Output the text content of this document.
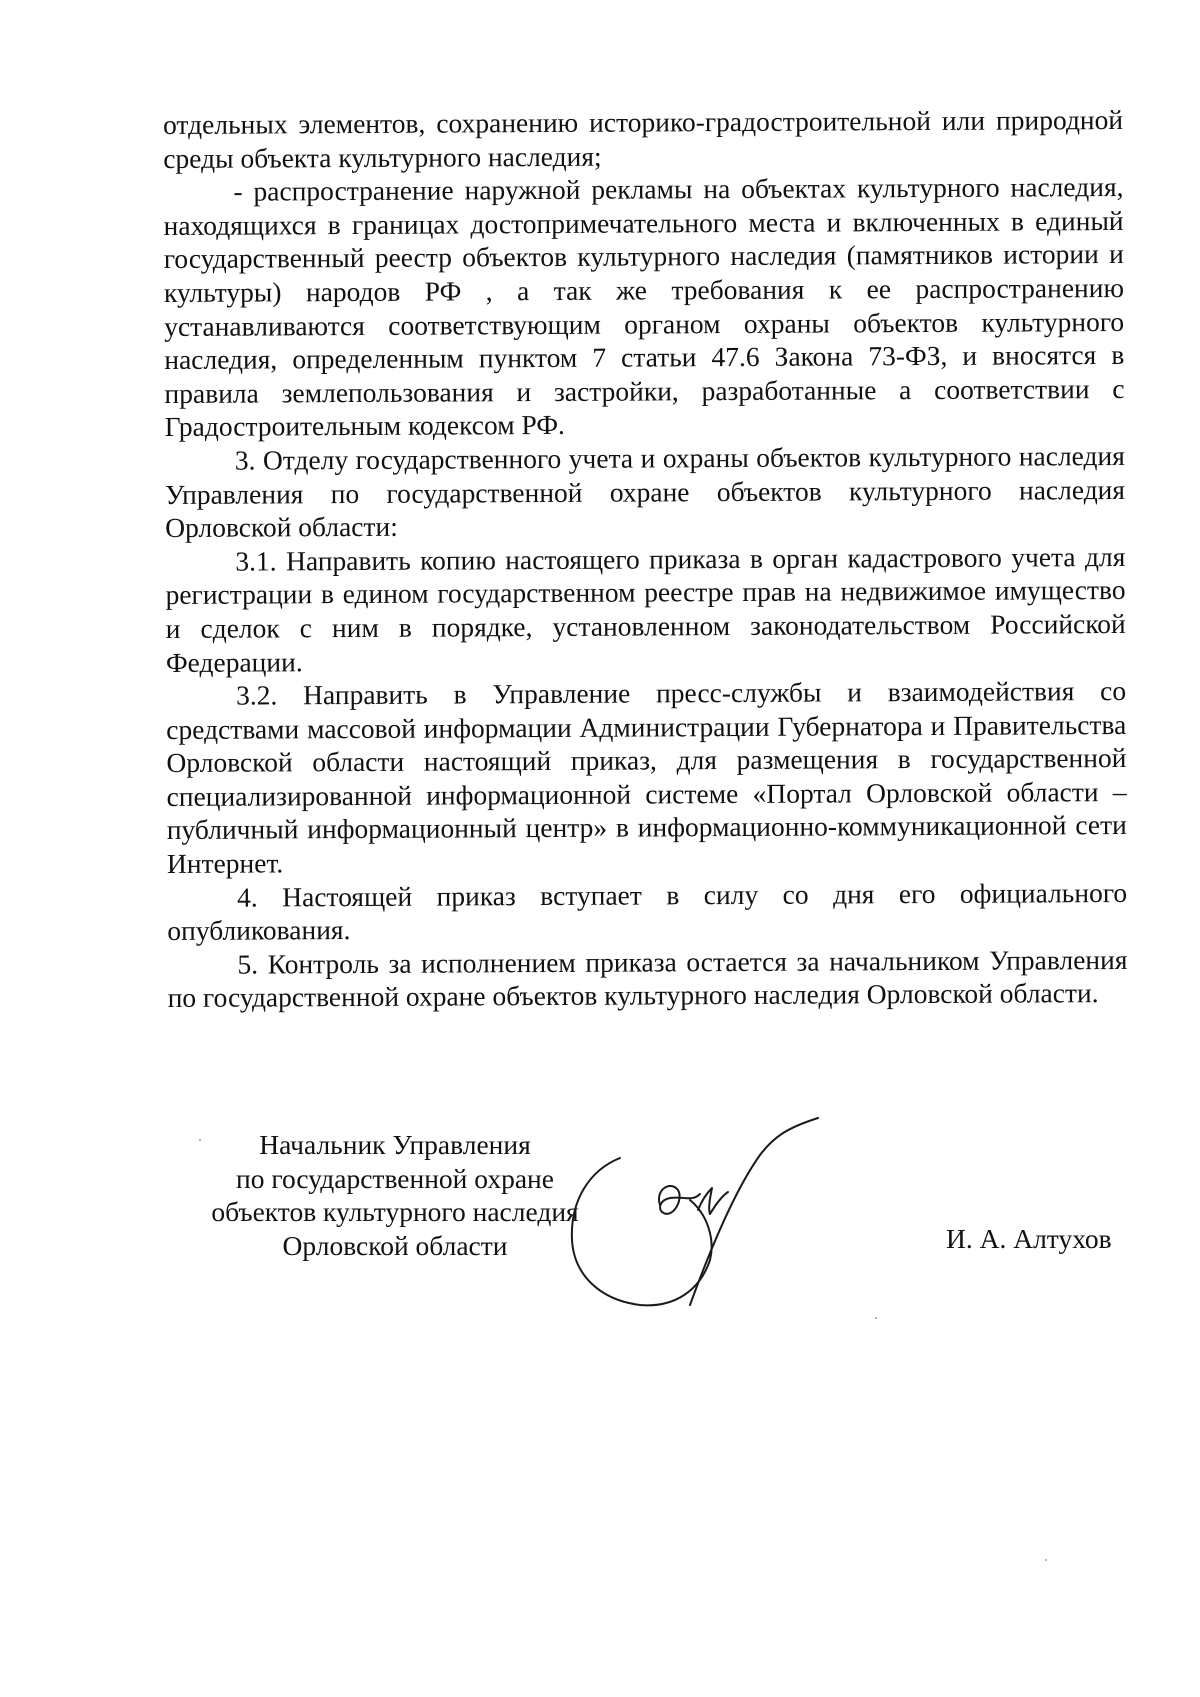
отдельных элементов, сохранению историко-градостроительной или природной среды объекта культурного наследия;

- распространение наружной рекламы на объектах культурного наследия, находящихся в границах достопримечательного места и включенных в единый государственный реестр объектов культурного наследия (памятников истории и культуры) народов РФ , а так же требования к ее распространению устанавливаются соответствующим органом охраны объектов культурного наследия, определенным пунктом 7 статьи 47.6 Закона 73-ФЗ, и вносятся в правила землепользования и застройки, разработанные а соответствии с Градостроительным кодексом РФ.

3. Отделу государственного учета и охраны объектов культурного наследия Управления по государственной охране объектов культурного наследия Орловской области:

3.1. Направить копию настоящего приказа в орган кадастрового учета для регистрации в едином государственном реестре прав на недвижимое имущество и сделок с ним в порядке, установленном законодательством Российской Федерации.

3.2. Направить в Управление пресс-службы и взаимодействия со средствами массовой информации Администрации Губернатора и Правительства Орловской области настоящий приказ, для размещения в государственной специализированной информационной системе «Портал Орловской области – публичный информационный центр» в информационно-коммуникационной сети Интернет.

4. Настоящей приказ вступает в силу со дня его официального опубликования.

5. Контроль за исполнением приказа остается за начальником Управления по государственной охране объектов культурного наследия Орловской области.

Начальник Управления
по государственной охране
объектов культурного наследия
Орловской области	И. А. Алтухов
